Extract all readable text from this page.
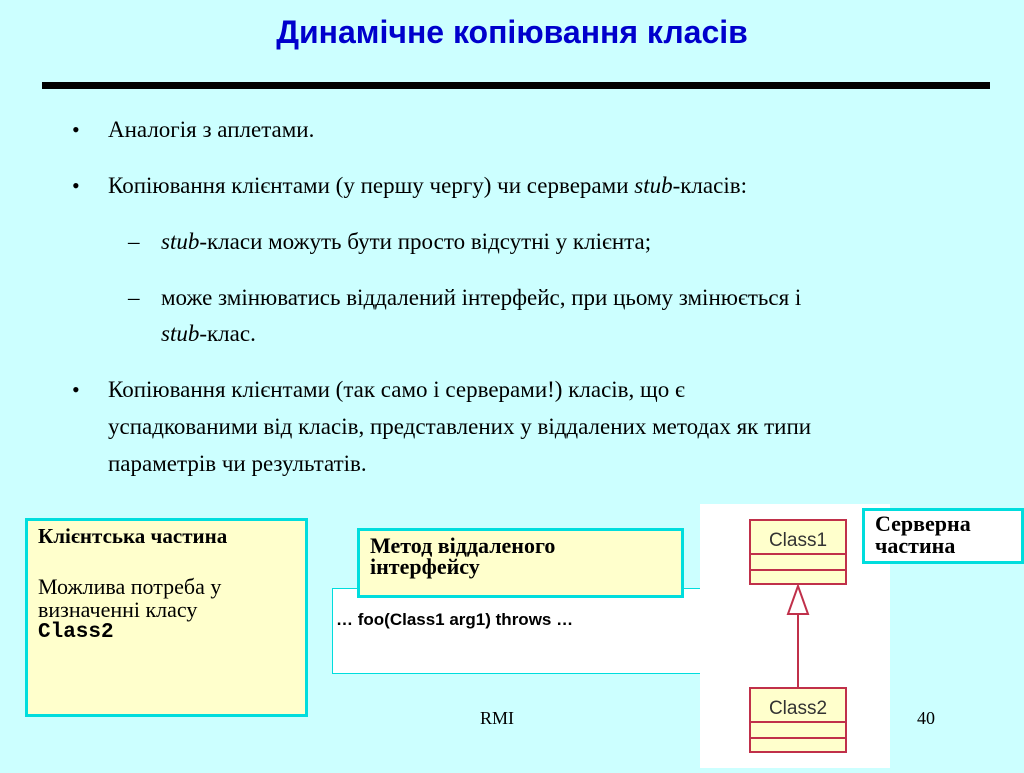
Динамічне копіювання класів
• Аналогія з аплетами.
• Копіювання клієнтами (у першу чергу) чи серверами stub-класів:
– stub-класи можуть бути просто відсутні у клієнта;
– може змінюватись віддалений інтерфейс, при цьому змінюється і
stub-клас.
• Копіювання клієнтами (так само і серверами!) класів, що є
успадкованими від класів, представлених у віддалених методах як типи
параметрів чи результатів.
Клієнтська частина
Можлива потреба у
визначенні класу
Class2
… foo(Class1 arg1) throws …
Метод віддаленого
інтерфейсу
Class1
Class2
Серверна
частина
RMI	40
